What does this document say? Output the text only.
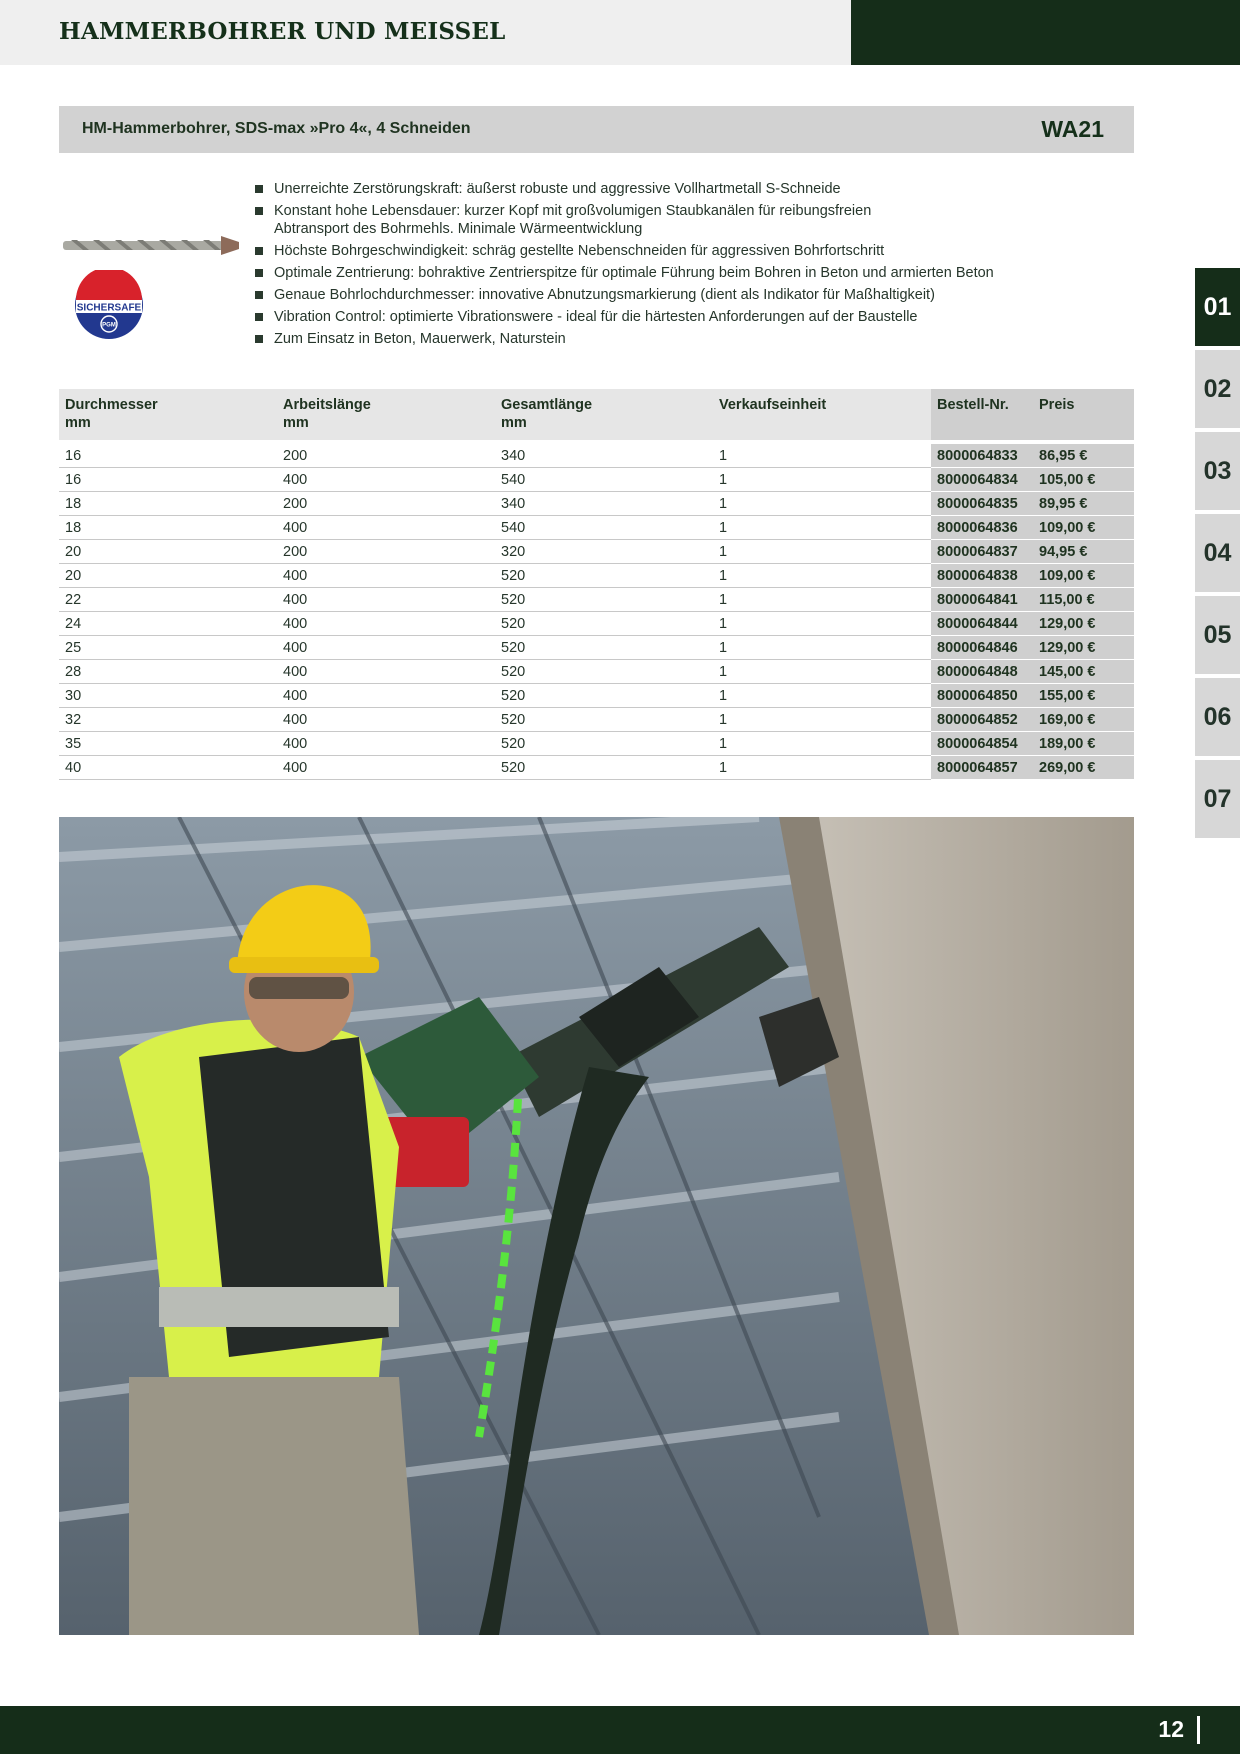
HAMMERBOHRER UND MEISSEL
01
02
03
04
05
06
07
HM-Hammerbohrer, SDS-max »Pro 4«, 4 Schneiden	WA21
SICHERSAFE
PGM
Unerreichte Zerstörungskraft: äußerst robuste und aggressive Vollhartmetall S-Schneide
Konstant hohe Lebensdauer: kurzer Kopf mit großvolumigen Staubkanälen für reibungsfreien Abtransport des Bohrmehls. Minimale Wärmeentwicklung
Höchste Bohrgeschwindigkeit: schräg gestellte Nebenschneiden für aggressiven Bohrfortschritt
Optimale Zentrierung: bohraktive Zentrierspitze für optimale Führung beim Bohren in Beton und armierten Beton
Genaue Bohrlochdurchmesser: innovative Abnutzungsmarkierung (dient als Indikator für Maßhaltigkeit)
Vibration Control: optimierte Vibrationswere - ideal für die härtesten Anforderungen auf der Baustelle
Zum Einsatz in Beton, Mauerwerk, Naturstein
Durchmesser
mm	Arbeitslänge
mm	Gesamtlänge
mm	Verkaufseinheit	Bestell-Nr.	Preis

16	200	340	1	8000064833	86,95 €
16	400	540	1	8000064834	105,00 €
18	200	340	1	8000064835	89,95 €
18	400	540	1	8000064836	109,00 €
20	200	320	1	8000064837	94,95 €
20	400	520	1	8000064838	109,00 €
22	400	520	1	8000064841	115,00 €
24	400	520	1	8000064844	129,00 €
25	400	520	1	8000064846	129,00 €
28	400	520	1	8000064848	145,00 €
30	400	520	1	8000064850	155,00 €
32	400	520	1	8000064852	169,00 €
35	400	520	1	8000064854	189,00 €
40	400	520	1	8000064857	269,00 €
12
